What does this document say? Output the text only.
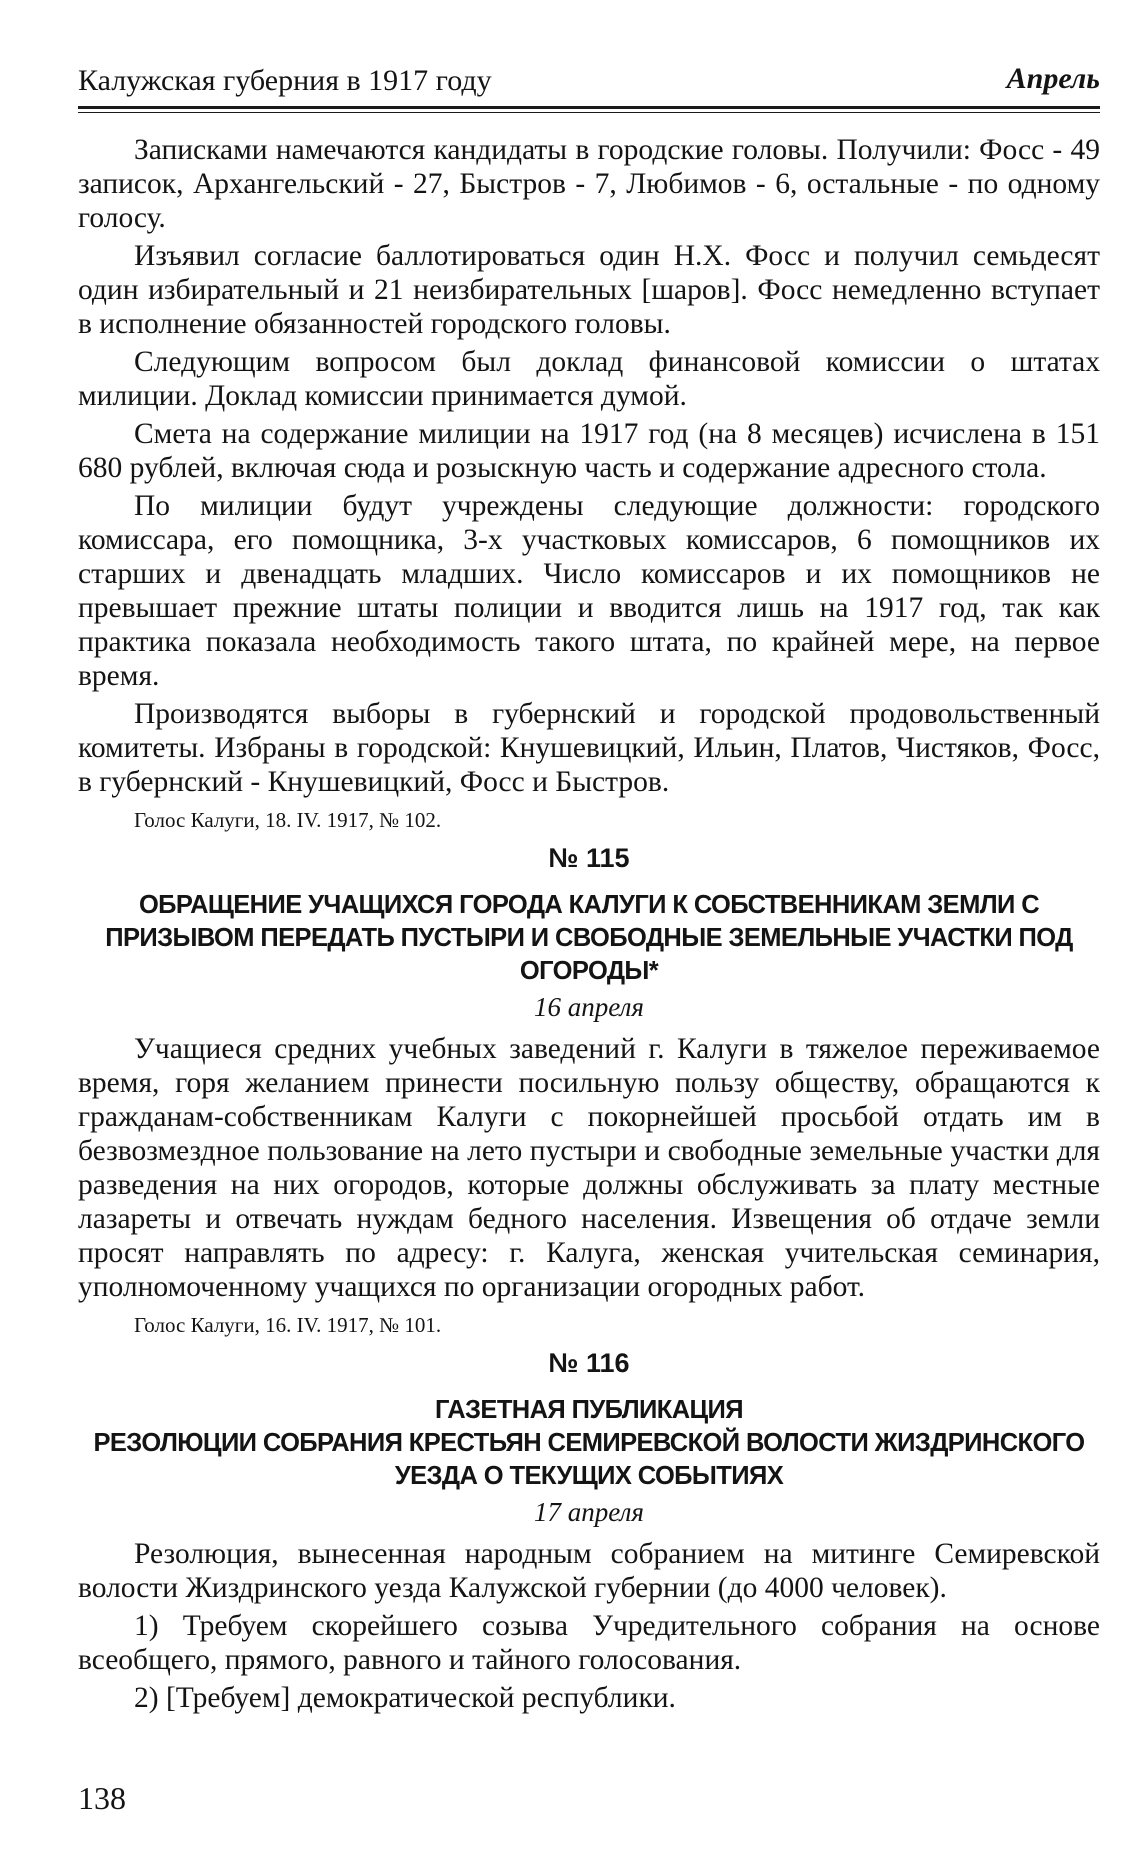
Калужская губерния в 1917 году	Апрель

Записками намечаются кандидаты в городские головы. Получили: Фосс - 49 записок, Архангельский - 27, Быстров - 7, Любимов - 6, остальные - по одному голосу.

Изъявил согласие баллотироваться один Н.Х. Фосс и получил семьдесят один избирательный и 21 неизбирательных [шаров]. Фосс немедленно вступает в исполнение обязанностей городского головы.

Следующим вопросом был доклад финансовой комиссии о штатах милиции. Доклад комиссии принимается думой.

Смета на содержание милиции на 1917 год (на 8 месяцев) исчислена в 151 680 рублей, включая сюда и розыскную часть и содержание адресного стола.

По милиции будут учреждены следующие должности: городского комиссара, его помощника, 3-х участковых комиссаров, 6 помощников их старших и двенадцать младших. Число комиссаров и их помощников не превышает прежние штаты полиции и вводится лишь на 1917 год, так как практика показала необходимость такого штата, по крайней мере, на первое время.

Производятся выборы в губернский и городской продовольственный комитеты. Избраны в городской: Кнушевицкий, Ильин, Платов, Чистяков, Фосс, в губернский - Кнушевицкий, Фосс и Быстров.

Голос Калуги, 18. IV. 1917, № 102.

№ 115
ОБРАЩЕНИЕ УЧАЩИХСЯ ГОРОДА КАЛУГИ К СОБСТВЕННИКАМ ЗЕМЛИ С ПРИЗЫВОМ ПЕРЕДАТЬ ПУСТЫРИ И СВОБОДНЫЕ ЗЕМЕЛЬНЫЕ УЧАСТКИ ПОД ОГОРОДЫ*
16 апреля

Учащиеся средних учебных заведений г. Калуги в тяжелое переживаемое время, горя желанием принести посильную пользу обществу, обращаются к гражданам-собственникам Калуги с покорнейшей просьбой отдать им в безвозмездное пользование на лето пустыри и свободные земельные участки для разведения на них огородов, которые должны обслуживать за плату местные лазареты и отвечать нуждам бедного населения. Извещения об отдаче земли просят направлять по адресу: г. Калуга, женская учительская семинария, уполномоченному учащихся по организации огородных работ.

Голос Калуги, 16. IV. 1917, № 101.

№ 116
ГАЗЕТНАЯ ПУБЛИКАЦИЯ
РЕЗОЛЮЦИИ СОБРАНИЯ КРЕСТЬЯН СЕМИРЕВСКОЙ ВОЛОСТИ ЖИЗДРИНСКОГО УЕЗДА О ТЕКУЩИХ СОБЫТИЯХ
17 апреля

Резолюция, вынесенная народным собранием на митинге Семиревской волости Жиздринского уезда Калужской губернии (до 4000 человек).

1) Требуем скорейшего созыва Учредительного собрания на основе всеобщего, прямого, равного и тайного голосования.

2) [Требуем] демократической республики.

138
